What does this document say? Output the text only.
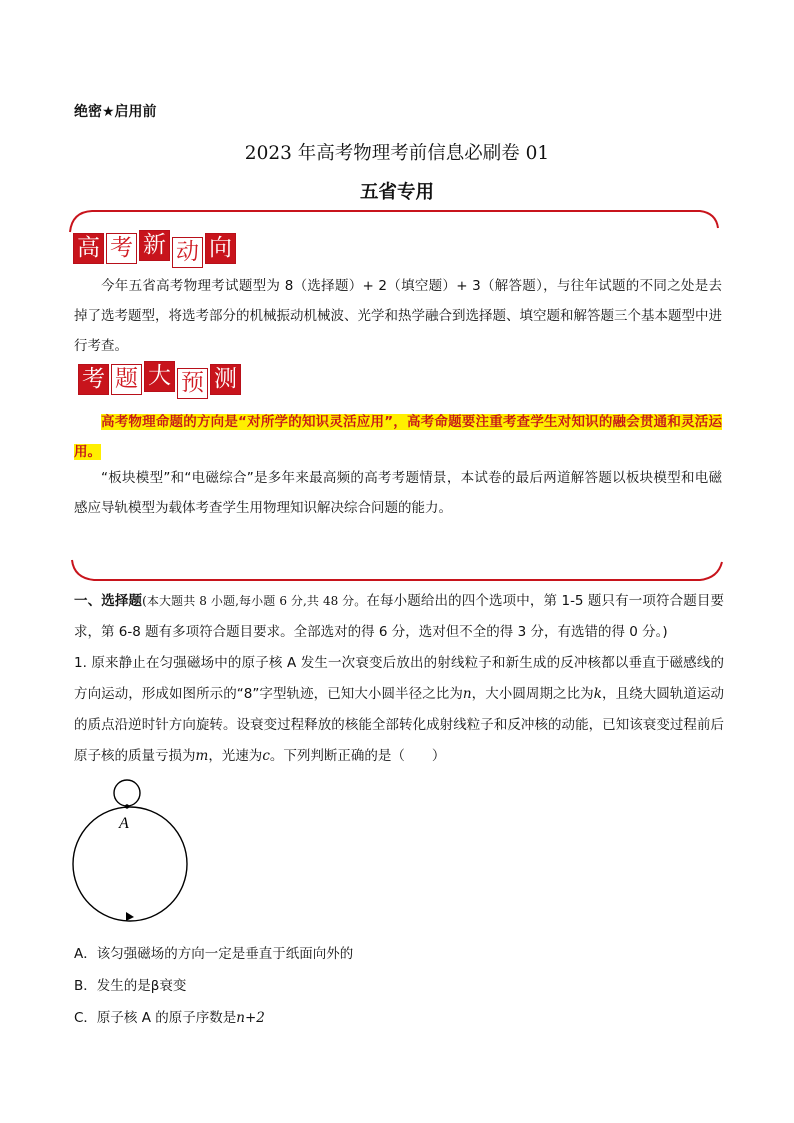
绝密★启用前
2023 年高考物理考前信息必刷卷 01
五省专用
高 考 新 动 向
今年五省高考物理考试题型为 8（选择题）+ 2（填空题）+ 3（解答题），与往年试题的不同之处是去掉了选考题型，将选考部分的机械振动机械波、光学和热学融合到选择题、填空题和解答题三个基本题型中进行考查。
考 题 大 预 测
高考物理命题的方向是“对所学的知识灵活应用”，高考命题要注重考查学生对知识的融会贯通和灵活运用。
“板块模型”和“电磁综合”是多年来最高频的高考考题情景，本试卷的最后两道解答题以板块模型和电磁感应导轨模型为载体考查学生用物理知识解决综合问题的能力。
一、选择题(本大题共 8 小题,每小题 6 分,共 48 分。在每小题给出的四个选项中，第 1-5 题只有一项符合题目要求，第 6-8 题有多项符合题目要求。全部选对的得 6 分，选对但不全的得 3 分，有选错的得 0 分。)
1. 原来静止在匀强磁场中的原子核 A 发生一次衰变后放出的射线粒子和新生成的反冲核都以垂直于磁感线的方向运动，形成如图所示的“8”字型轨迹，已知大小圆半径之比为n，大小圆周期之比为k，且绕大圆轨道运动的质点沿逆时针方向旋转。设衰变过程释放的核能全部转化成射线粒子和反冲核的动能，已知该衰变过程前后原子核的质量亏损为m，光速为c。下列判断正确的是（　　）
A
A．该匀强磁场的方向一定是垂直于纸面向外的
B．发生的是β衰变
C．原子核 A 的原子序数是n+2
